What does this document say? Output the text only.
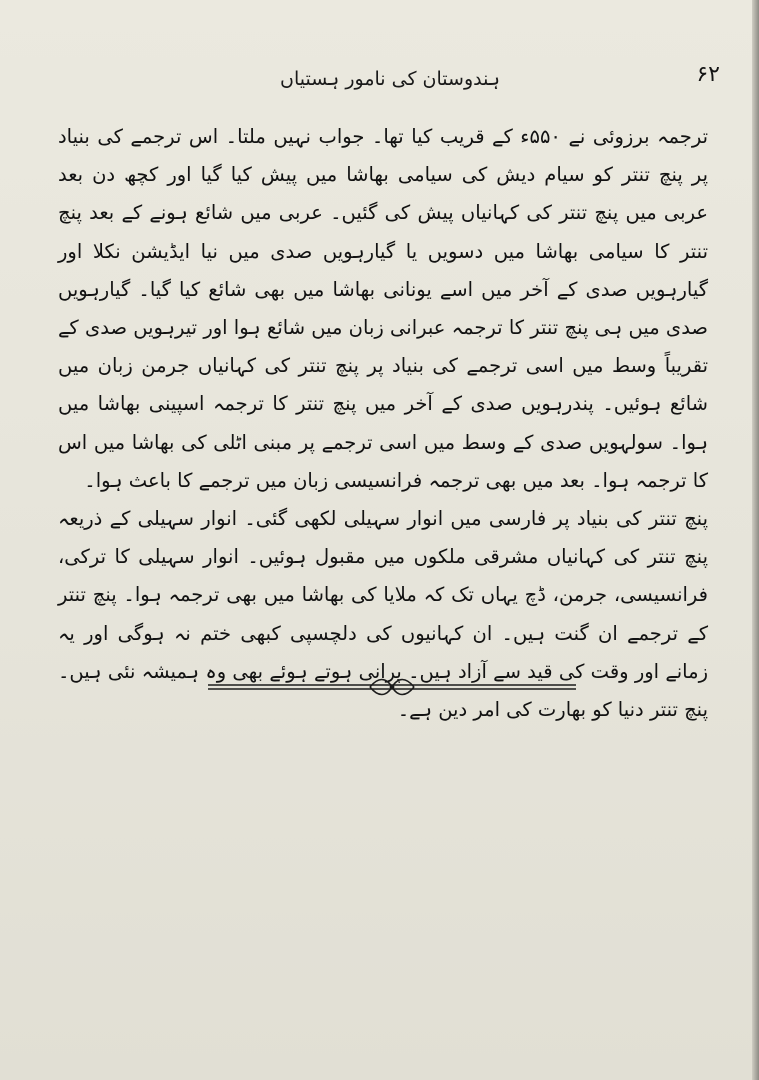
ہندوستان کی نامور ہستیاں	۶۲

ترجمہ برزوئی نے ۵۵۰ء کے قریب کیا تھا۔ جواب نہیں ملتا۔ اس ترجمے کی بنیاد پر پنچ تنتر کو سیام دیش کی سیامی بھاشا میں پیش کیا گیا اور کچھ دن بعد عربی میں پنچ تنتر کی کہانیاں پیش کی گئیں۔ عربی میں شائع ہونے کے بعد پنچ تنتر کا سیامی بھاشا میں دسویں یا گیارہویں صدی میں نیا ایڈیشن نکلا اور گیارہویں صدی کے آخر میں اسے یونانی بھاشا میں بھی شائع کیا گیا۔ گیارہویں صدی میں ہی پنچ تنتر کا ترجمہ عبرانی زبان میں شائع ہوا اور تیرہویں صدی کے تقریباً وسط میں اسی ترجمے کی بنیاد پر پنچ تنتر کی کہانیاں جرمن زبان میں شائع ہوئیں۔ پندرہویں صدی کے آخر میں پنچ تنتر کا ترجمہ اسپینی بھاشا میں ہوا۔ سولہویں صدی کے وسط میں اسی ترجمے پر مبنی اٹلی کی بھاشا میں اس کا ترجمہ ہوا۔ بعد میں بھی ترجمہ فرانسیسی زبان میں ترجمے کا باعث ہوا۔

پنچ تنتر کی بنیاد پر فارسی میں انوار سہیلی لکھی گئی۔ انوار سہیلی کے ذریعہ پنچ تنتر کی کہانیاں مشرقی ملکوں میں مقبول ہوئیں۔ انوار سہیلی کا ترکی، فرانسیسی، جرمن، ڈچ یہاں تک کہ ملایا کی بھاشا میں بھی ترجمہ ہوا۔ پنچ تنتر کے ترجمے ان گنت ہیں۔ ان کہانیوں کی دلچسپی کبھی ختم نہ ہوگی اور یہ زمانے اور وقت کی قید سے آزاد ہیں۔ پرانی ہوتے ہوئے بھی وہ ہمیشہ نئی ہیں۔ پنچ تنتر دنیا کو بھارت کی امر دین ہے۔
